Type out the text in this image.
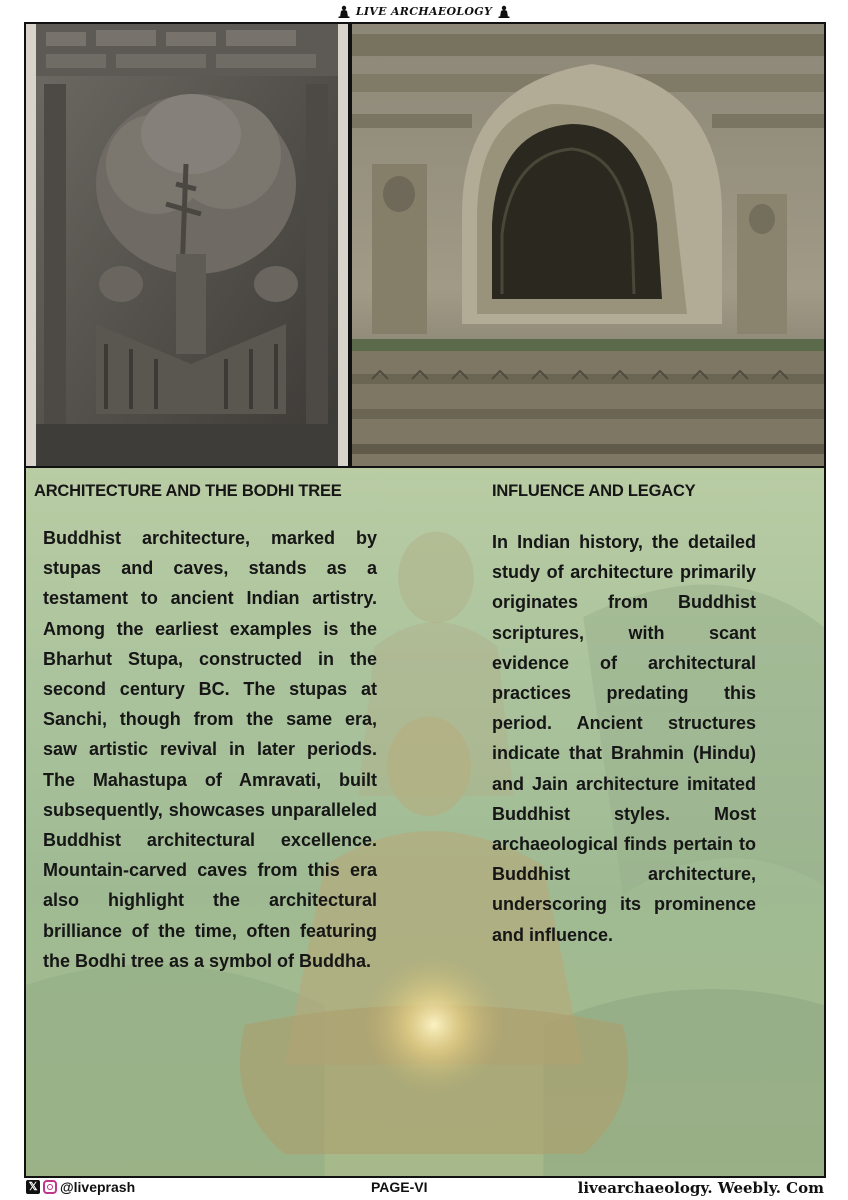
LIVE ARCHAEOLOGY
ARCHITECTURE AND THE BODHI TREE

Buddhist architecture, marked by stupas and caves, stands as a testament to ancient Indian artistry. Among the earliest examples is the Bharhut Stupa, constructed in the second century BC. The stupas at Sanchi, though from the same era, saw artistic revival in later periods. The Mahastupa of Amravati, built subsequently, showcases unparalleled Buddhist architectural excellence. Mountain-carved caves from this era also highlight the architectural brilliance of the time, often featuring the Bodhi tree as a symbol of Buddha.

INFLUENCE AND LEGACY

In Indian history, the detailed study of architecture primarily originates from Buddhist scriptures, with scant evidence of architectural practices predating this period. Ancient structures indicate that Brahmin (Hindu) and Jain architecture imitated Buddhist styles. Most archaeological finds pertain to Buddhist architecture, underscoring its prominence and influence.

𝕏 @liveprash	PAGE-VI	livearchaeology. Weebly. Com
